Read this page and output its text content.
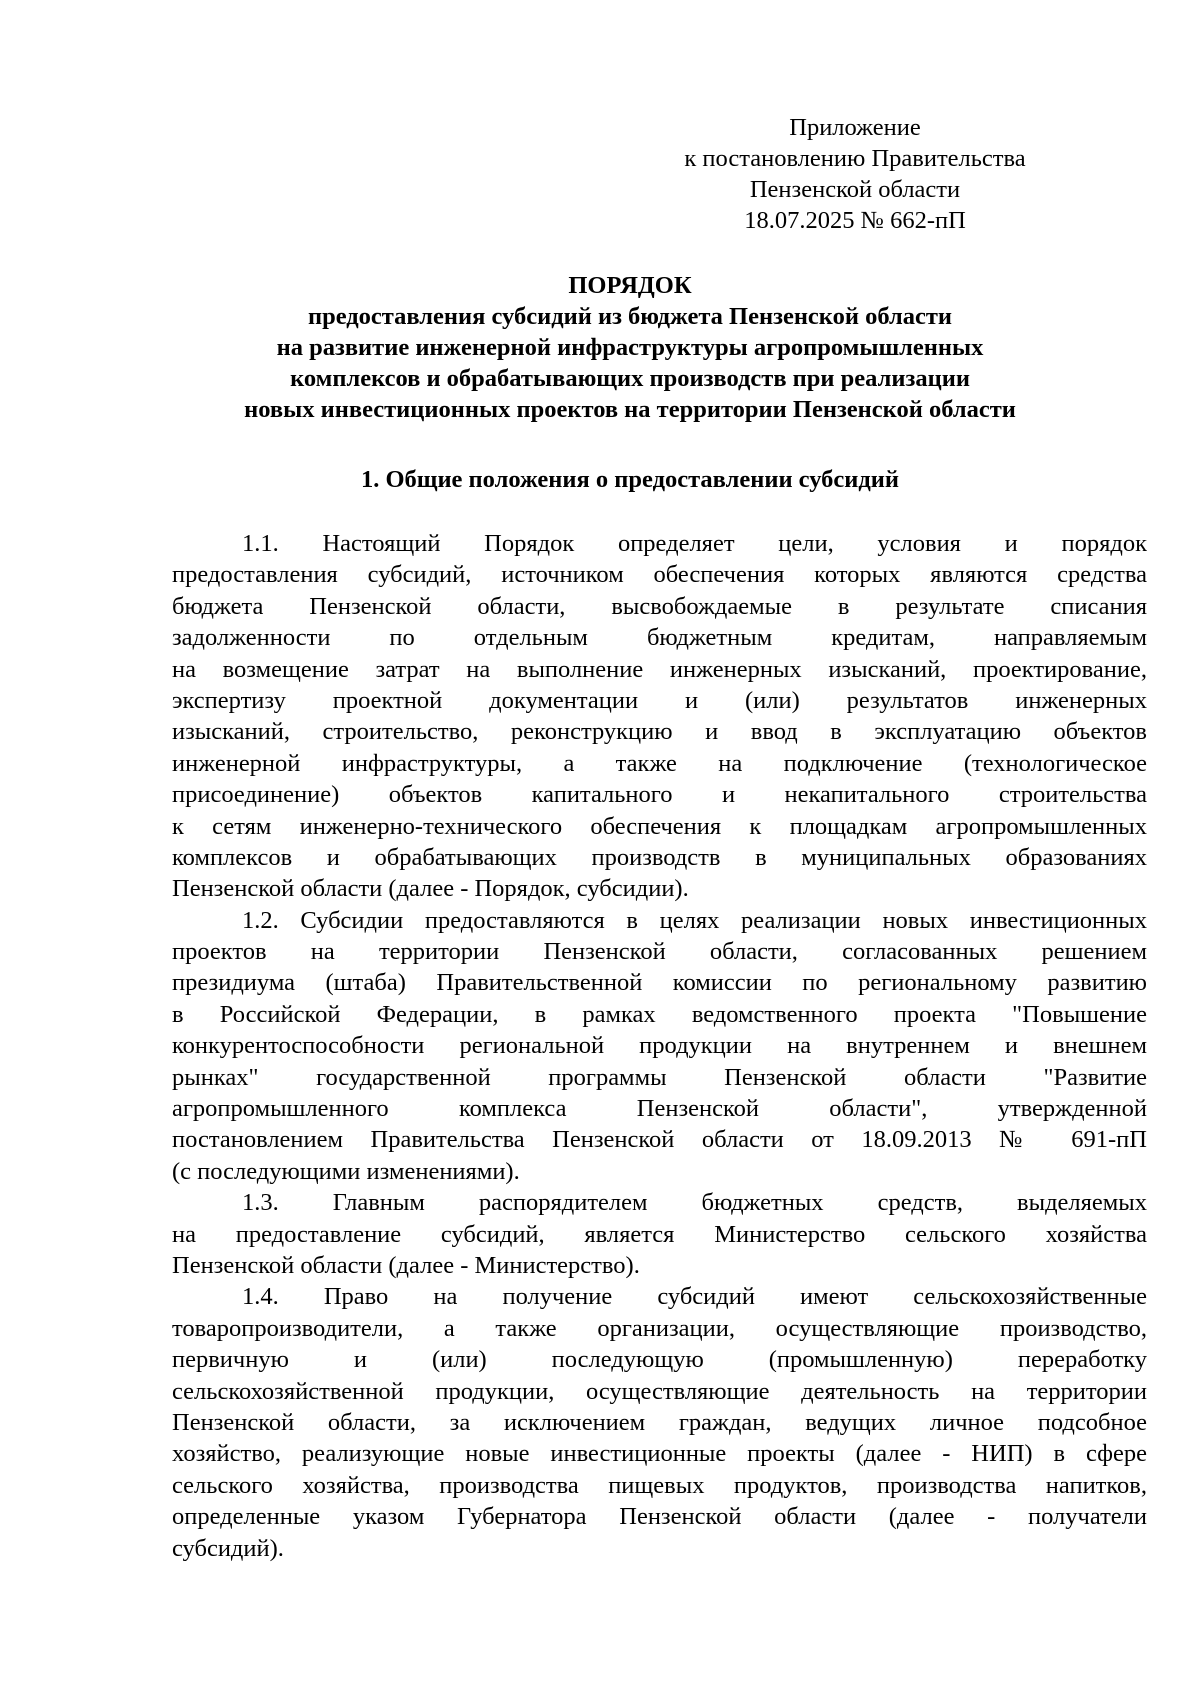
Приложение
к постановлению Правительства
Пензенской области
18.07.2025 № 662-пП
ПОРЯДОК
предоставления субсидий из бюджета Пензенской области
на развитие инженерной инфраструктуры агропромышленных
комплексов и обрабатывающих производств при реализации
новых инвестиционных проектов на территории Пензенской области
1. Общие положения о предоставлении субсидий
1.1. Настоящий Порядок определяет цели, условия и порядок
предоставления субсидий, источником обеспечения которых являются средства
бюджета Пензенской области, высвобождаемые в результате списания
задолженности по отдельным бюджетным кредитам, направляемым
на возмещение затрат на выполнение инженерных изысканий, проектирование,
экспертизу проектной документации и (или) результатов инженерных
изысканий, строительство, реконструкцию и ввод в эксплуатацию объектов
инженерной инфраструктуры, а также на подключение (технологическое
присоединение) объектов капитального и некапитального строительства
к сетям инженерно-технического обеспечения к площадкам агропромышленных
комплексов и обрабатывающих производств в муниципальных образованиях
Пензенской области (далее - Порядок, субсидии).
1.2. Субсидии предоставляются в целях реализации новых инвестиционных
проектов на территории Пензенской области, согласованных решением
президиума (штаба) Правительственной комиссии по региональному развитию
в Российской Федерации, в рамках ведомственного проекта "Повышение
конкурентоспособности региональной продукции на внутреннем и внешнем
рынках" государственной программы Пензенской области "Развитие
агропромышленного комплекса Пензенской области", утвержденной
постановлением Правительства Пензенской области от 18.09.2013 № 691-пП
(с последующими изменениями).
1.3. Главным распорядителем бюджетных средств, выделяемых
на предоставление субсидий, является Министерство сельского хозяйства
Пензенской области (далее - Министерство).
1.4. Право на получение субсидий имеют сельскохозяйственные
товаропроизводители, а также организации, осуществляющие производство,
первичную и (или) последующую (промышленную) переработку
сельскохозяйственной продукции, осуществляющие деятельность на территории
Пензенской области, за исключением граждан, ведущих личное подсобное
хозяйство, реализующие новые инвестиционные проекты (далее - НИП) в сфере
сельского хозяйства, производства пищевых продуктов, производства напитков,
определенные указом Губернатора Пензенской области (далее - получатели
субсидий).
